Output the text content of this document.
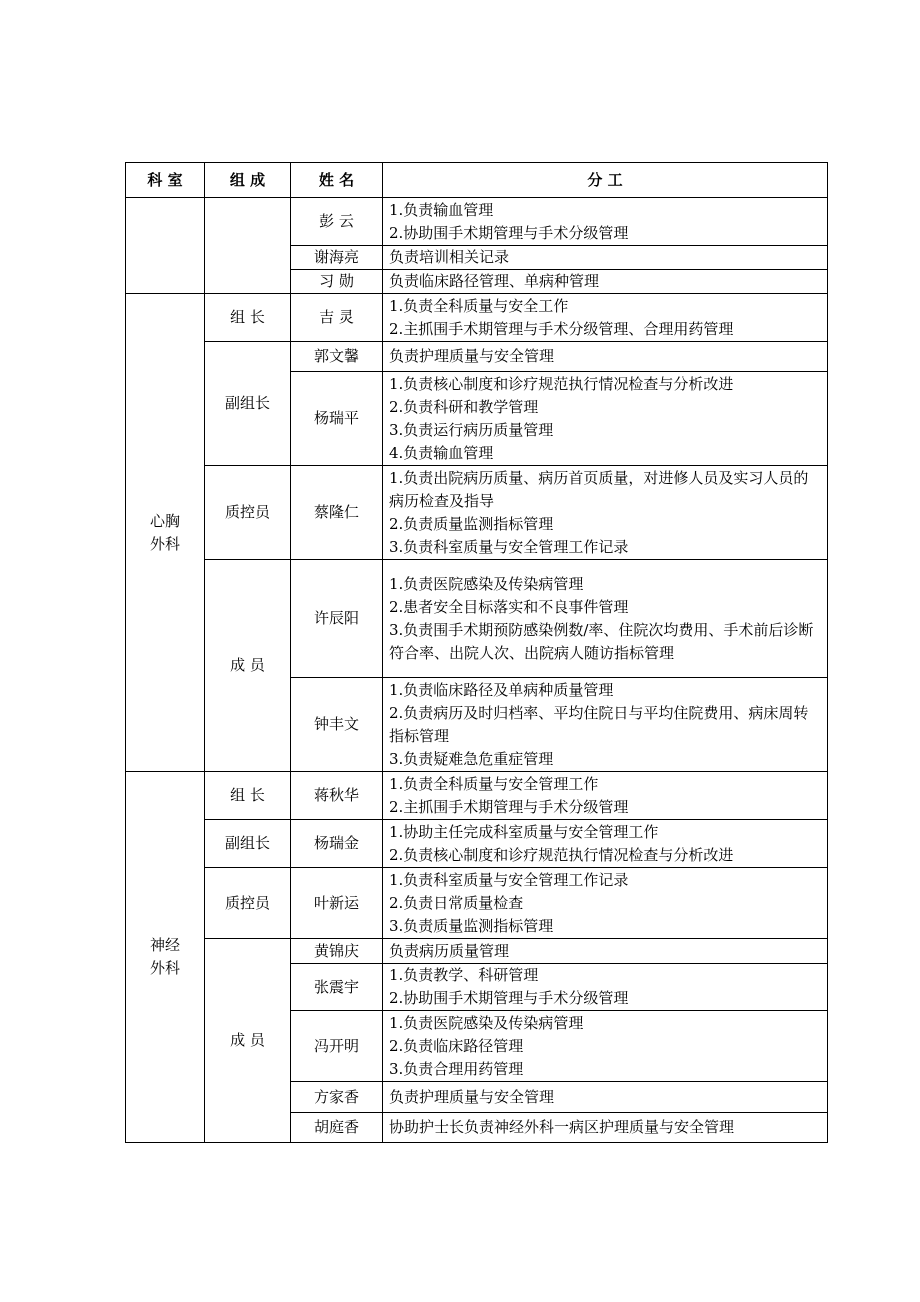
科 室	组 成	姓 名	分 工
		彭 云	1.负责输血管理
2.协助围手术期管理与手术分级管理

		谢海亮	负责培训相关记录

		习 勋	负责临床路径管理、单病种管理

心胸外科	组 长	吉 灵	1.负责全科质量与安全工作
2.主抓围手术期管理与手术分级管理、合理用药管理

	副组长	郭文馨	负责护理质量与安全管理

		杨瑞平	1.负责核心制度和诊疗规范执行情况检查与分析改进
2.负责科研和教学管理
3.负责运行病历质量管理
4.负责输血管理

	质控员	蔡隆仁	1.负责出院病历质量、病历首页质量，对进修人员及实习人员的病历检查及指导
2.负责质量监测指标管理
3.负责科室质量与安全管理工作记录

	成 员	许辰阳	1.负责医院感染及传染病管理
2.患者安全目标落实和不良事件管理
3.负责围手术期预防感染例数/率、住院次均费用、手术前后诊断符合率、出院人次、出院病人随访指标管理

		钟丰文	1.负责临床路径及单病种质量管理
2.负责病历及时归档率、平均住院日与平均住院费用、病床周转指标管理
3.负责疑难急危重症管理

神经外科	组 长	蒋秋华	1.负责全科质量与安全管理工作
2.主抓围手术期管理与手术分级管理

	副组长	杨瑞金	1.协助主任完成科室质量与安全管理工作
2.负责核心制度和诊疗规范执行情况检查与分析改进

	质控员	叶新运	1.负责科室质量与安全管理工作记录
2.负责日常质量检查
3.负责质量监测指标管理

	成 员	黄锦庆	负责病历质量管理

		张震宇	1.负责教学、科研管理
2.协助围手术期管理与手术分级管理

		冯开明	1.负责医院感染及传染病管理
2.负责临床路径管理
3.负责合理用药管理

		方家香	负责护理质量与安全管理

		胡庭香	协助护士长负责神经外科一病区护理质量与安全管理
